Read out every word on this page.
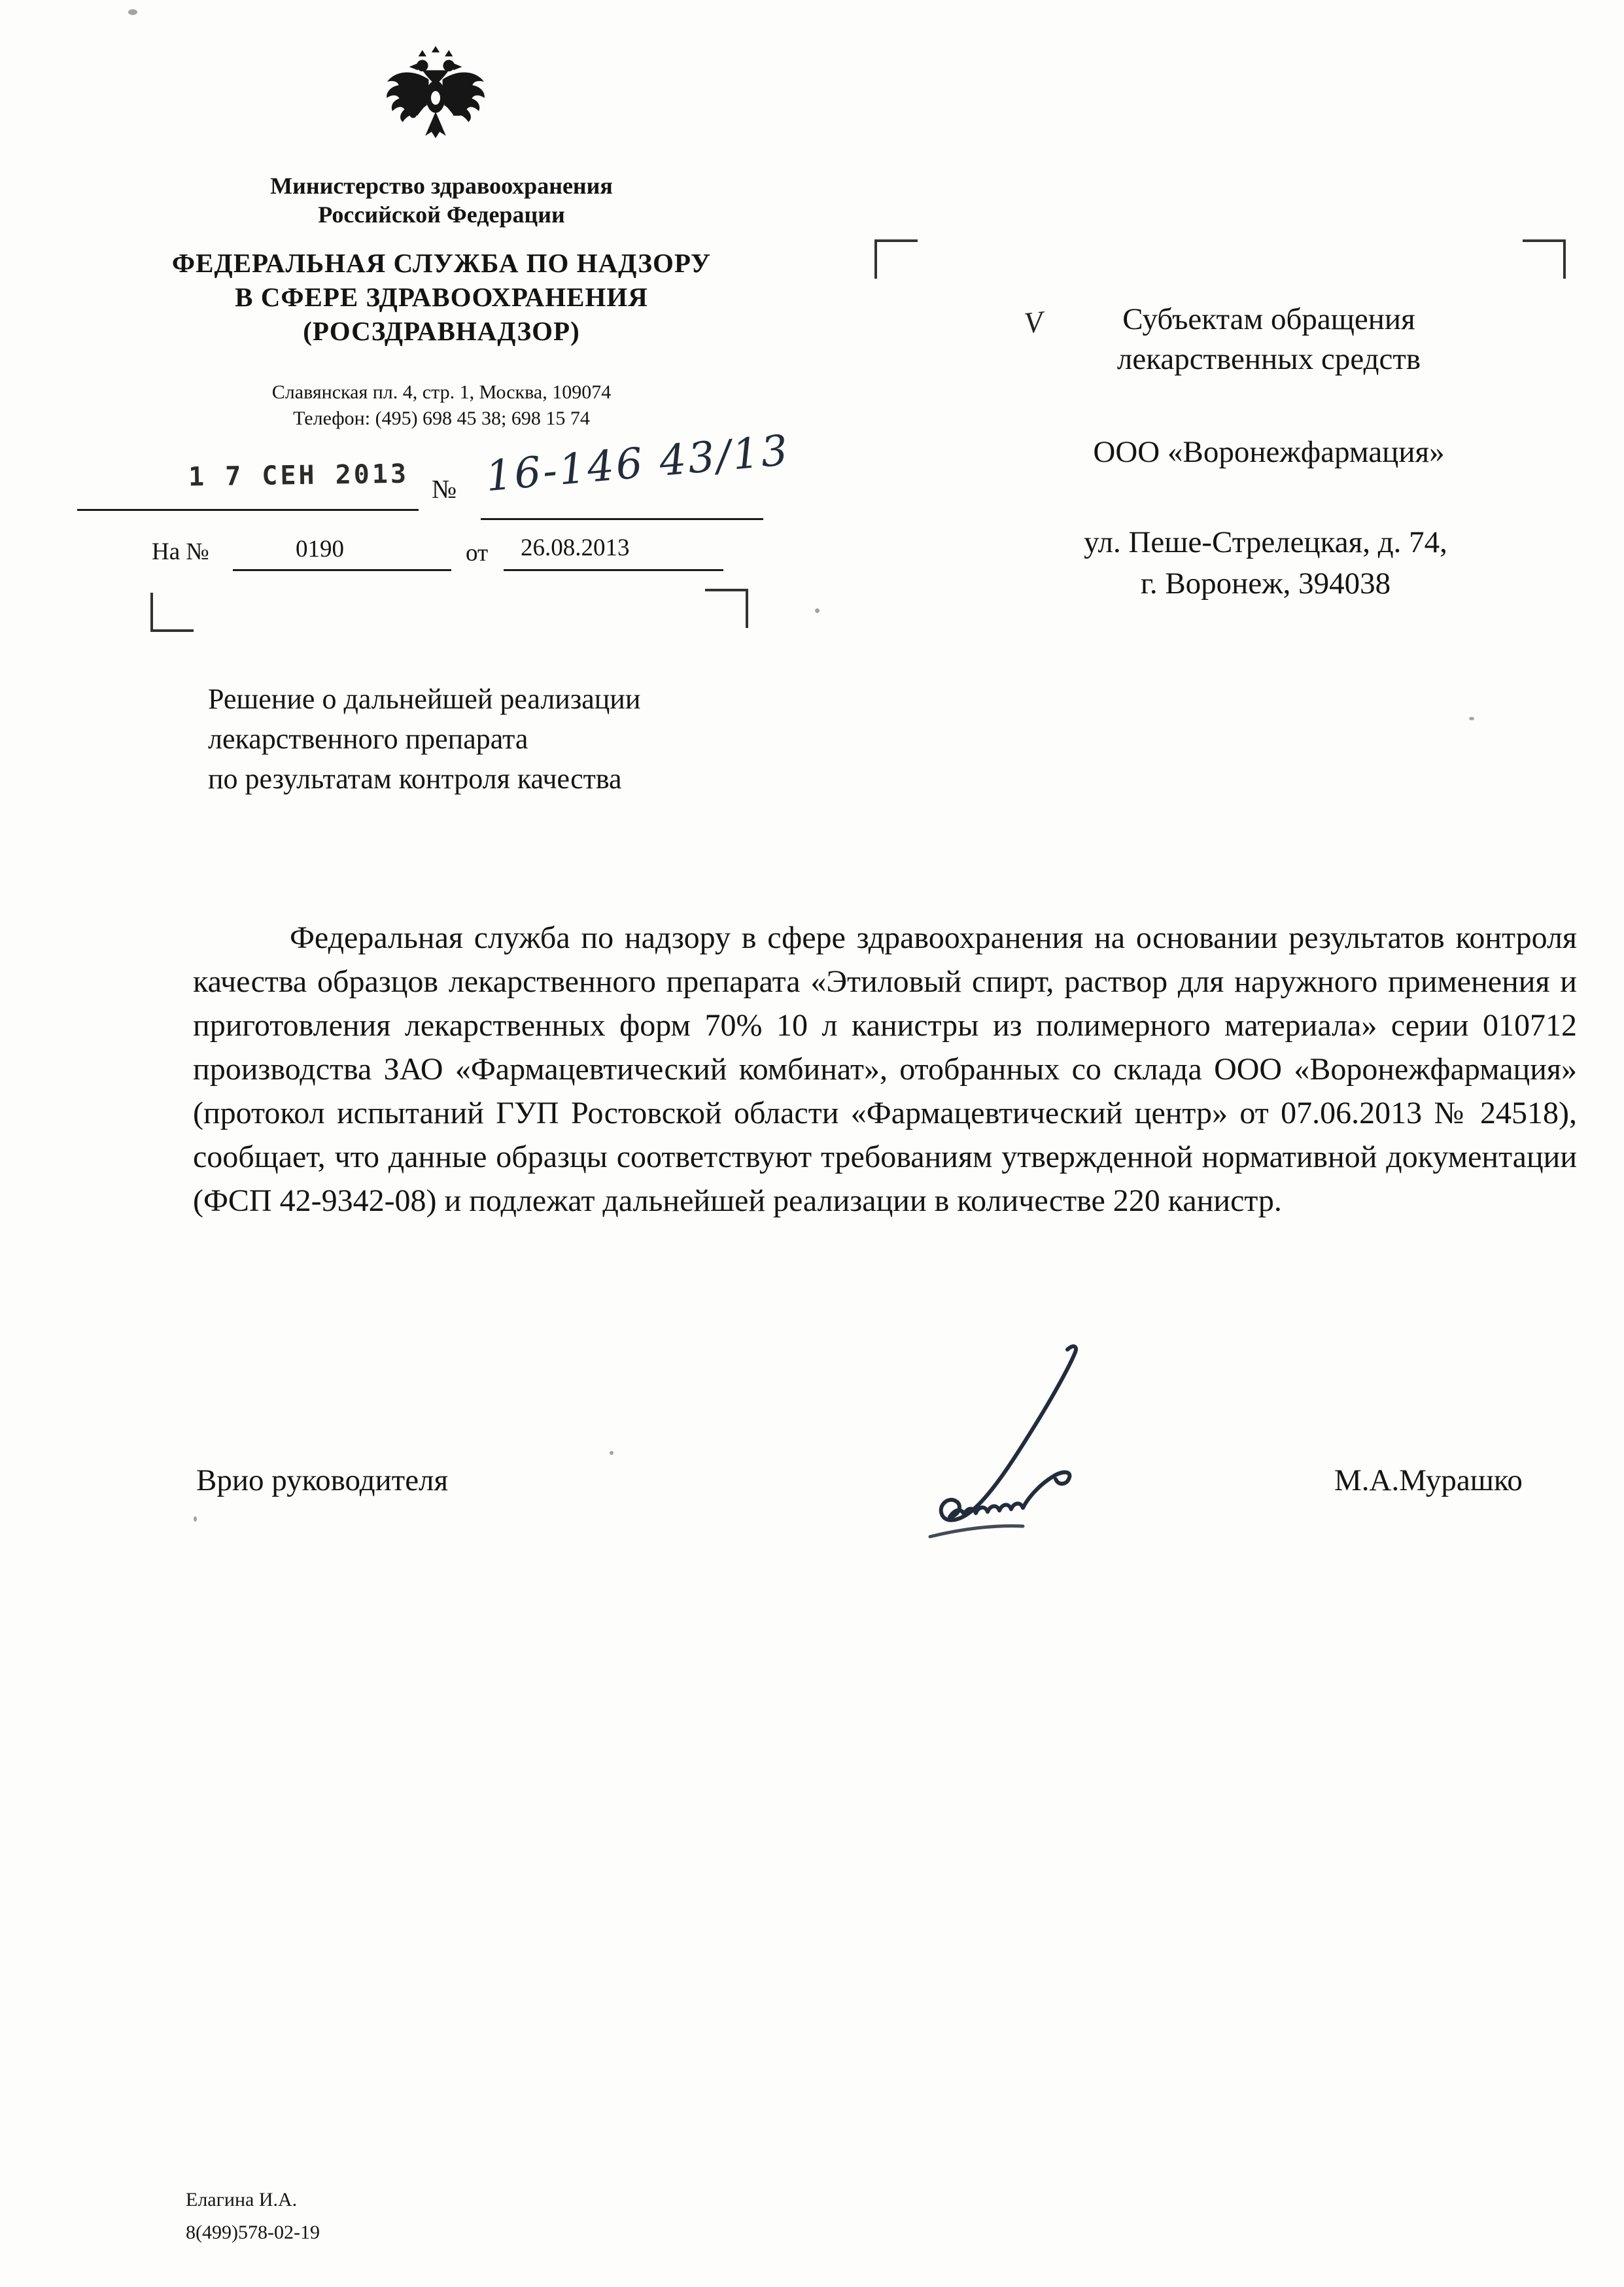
Министерство здравоохранения
Российской Федерации
ФЕДЕРАЛЬНАЯ СЛУЖБА ПО НАДЗОРУ
В СФЕРЕ ЗДРАВООХРАНЕНИЯ
(РОСЗДРАВНАДЗОР)
Славянская пл. 4, стр. 1, Москва, 109074
Телефон: (495) 698 45 38; 698 15 74
1 7 СЕН 2013 № 16-146 43/13
На №	0190	от 26.08.2013
V	Субъектам обращения
лекарственных средств
ООО «Воронежфармация»
ул. Пеше-Стрелецкая, д. 74,
г. Воронеж, 394038
Решение о дальнейшей реализации
лекарственного препарата
по результатам контроля качества
Федеральная служба по надзору в сфере здравоохранения на основании результатов контроля качества образцов лекарственного препарата «Этиловый спирт, раствор для наружного применения и приготовления лекарственных форм 70% 10 л канистры из полимерного материала» серии 010712 производства ЗАО «Фармацевтический комбинат», отобранных со склада ООО «Воронежфармация» (протокол испытаний ГУП Ростовской области «Фармацевтический центр» от 07.06.2013 № 24518), сообщает, что данные образцы соответствуют требованиям утвержденной нормативной документации (ФСП 42-9342-08) и подлежат дальнейшей реализации в количестве 220 канистр.
Врио руководителя	М.А.Мурашко
Елагина И.А.
8(499)578-02-19
